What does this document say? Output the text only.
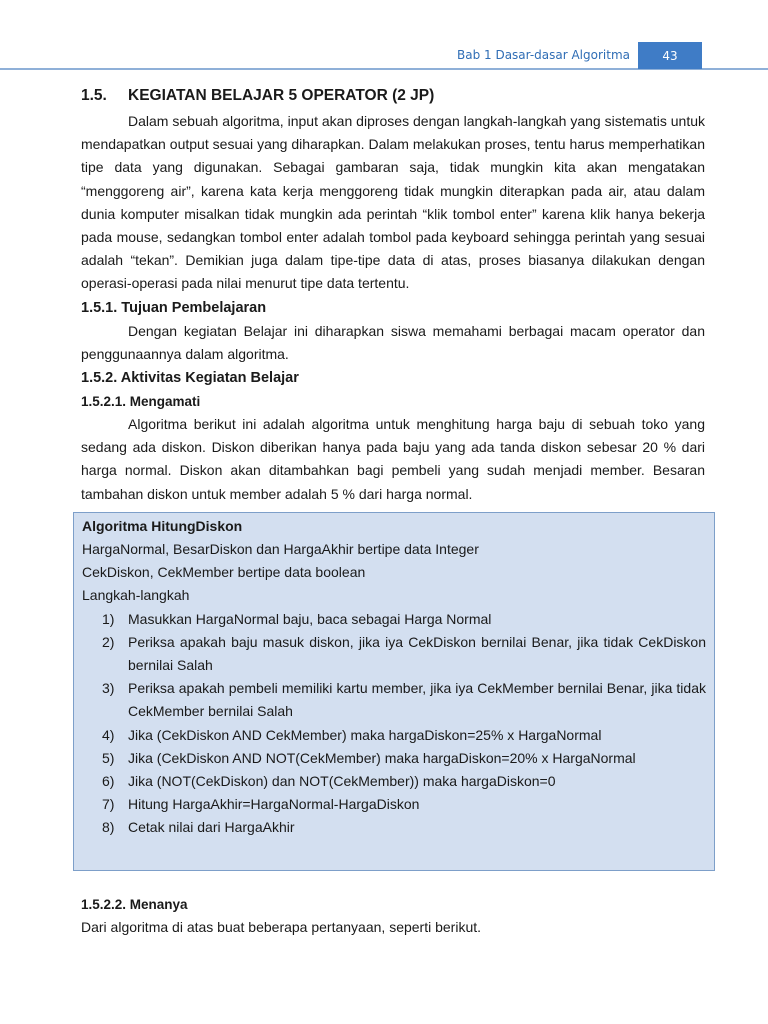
Bab 1 Dasar-dasar Algoritma	43
1.5. KEGIATAN BELAJAR 5 OPERATOR (2 JP)

Dalam sebuah algoritma, input akan diproses dengan langkah-langkah yang sistematis untuk mendapatkan output sesuai yang diharapkan. Dalam melakukan proses, tentu harus memperhatikan tipe data yang digunakan. Sebagai gambaran saja, tidak mungkin kita akan mengatakan “menggoreng air”, karena kata kerja menggoreng tidak mungkin diterapkan pada air, atau dalam dunia komputer misalkan tidak mungkin ada perintah “klik tombol enter” karena klik hanya bekerja pada mouse, sedangkan tombol enter adalah tombol pada keyboard sehingga perintah yang sesuai adalah “tekan”. Demikian juga dalam tipe-tipe data di atas, proses biasanya dilakukan dengan operasi-operasi pada nilai menurut tipe data tertentu.

1.5.1. Tujuan Pembelajaran

Dengan kegiatan Belajar ini diharapkan siswa memahami berbagai macam operator dan penggunaannya dalam algoritma.

1.5.2. Aktivitas Kegiatan Belajar
1.5.2.1. Mengamati

Algoritma berikut ini adalah algoritma untuk menghitung harga baju di sebuah toko yang sedang ada diskon. Diskon diberikan hanya pada baju yang ada tanda diskon sebesar 20 % dari harga normal. Diskon akan ditambahkan bagi pembeli yang sudah menjadi member. Besaran tambahan diskon untuk member adalah 5 % dari harga normal.

Algoritma HitungDiskon
HargaNormal, BesarDiskon dan HargaAkhir bertipe data Integer
CekDiskon, CekMember bertipe data boolean
Langkah-langkah
1) Masukkan HargaNormal baju, baca sebagai Harga Normal
2) Periksa apakah baju masuk diskon, jika iya CekDiskon bernilai Benar, jika tidak CekDiskon bernilai Salah
3) Periksa apakah pembeli memiliki kartu member, jika iya CekMember bernilai Benar, jika tidak CekMember bernilai Salah
4) Jika (CekDiskon AND CekMember) maka hargaDiskon=25% x HargaNormal
5) Jika (CekDiskon AND NOT(CekMember) maka hargaDiskon=20% x HargaNormal
6) Jika (NOT(CekDiskon) dan NOT(CekMember)) maka hargaDiskon=0
7) Hitung HargaAkhir=HargaNormal-HargaDiskon
8) Cetak nilai dari HargaAkhir
1.5.2.2. Menanya

Dari algoritma di atas buat beberapa pertanyaan, seperti berikut.
